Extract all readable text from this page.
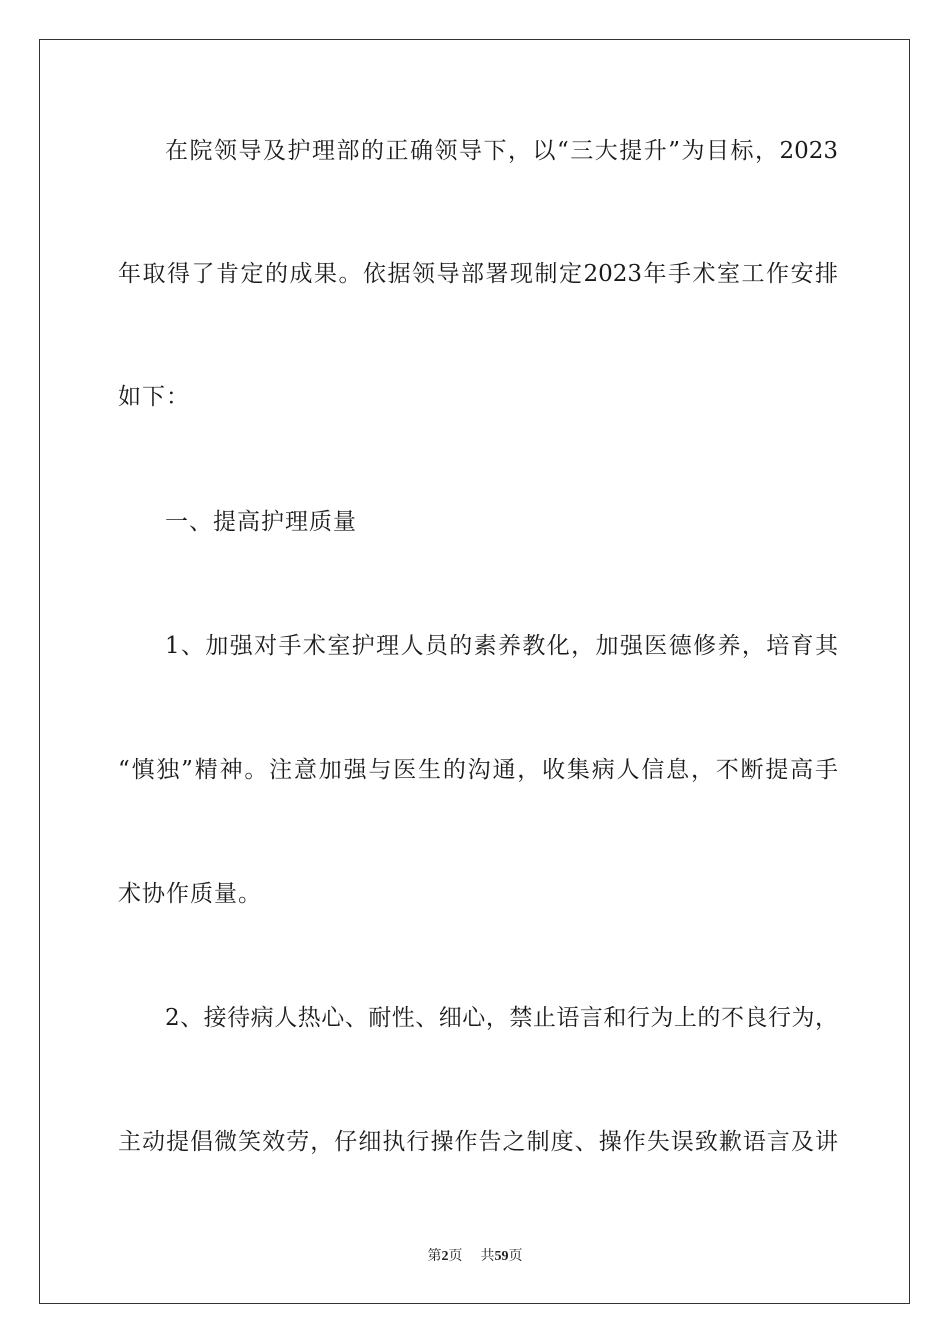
在院领导及护理部的正确领导下，以“三大提升”为目标，2023
年取得了肯定的成果。依据领导部署现制定2023年手术室工作安排
如下：
一、提高护理质量
1、加强对手术室护理人员的素养教化，加强医德修养，培育其
“慎独”精神。注意加强与医生的沟通，收集病人信息，不断提高手
术协作质量。
2、接待病人热心、耐性、细心，禁止语言和行为上的不良行为，
主动提倡微笑效劳，仔细执行操作告之制度、操作失误致歉语言及讲
第2页 共59页
